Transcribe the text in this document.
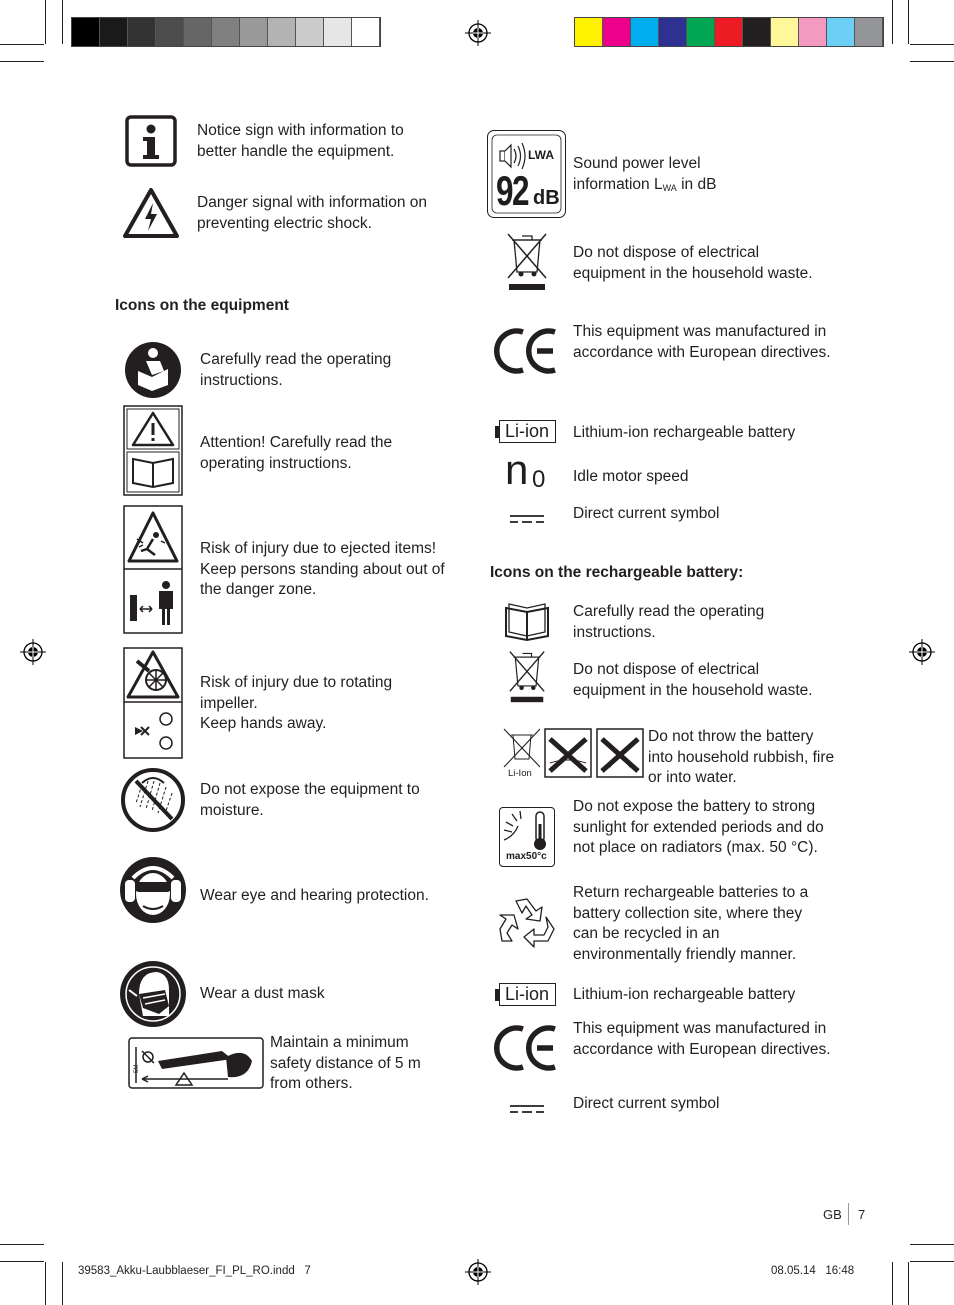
Notice sign with information to better handle the equipment.
Danger signal with information on preventing electric shock.
Icons on the equipment
Carefully read the operating instructions.
Attention! Carefully read the operating instructions.
Risk of injury due to ejected items! Keep persons standing about out of the danger zone.
Risk of injury due to rotating impeller.
Keep hands away.
Do not expose the equipment to moisture.
Wear eye and hearing protection.
Wear a dust mask
5M
Maintain a minimum safety distance of 5 m from others.
LWA
92 dB
Sound power level
information $L_{WA}$ in dB
Do not dispose of electrical equipment in the household waste.
This equipment was manufactured in accordance with European directives.
Li-ion Lithium-ion rechargeable battery
n 0 Idle motor speed
Direct current symbol
Icons on the rechargeable battery:
Carefully read the operating instructions.
Do not dispose of electrical equipment in the household waste.
Li-Ion
Do not throw the battery into household rubbish, fire or into water.
max50°c
Do not expose the battery to strong sunlight for extended periods and do not place on radiators (max. 50 °C).
Return rechargeable batteries to a battery collection site, where they can be recycled in an environmentally friendly manner.
Li-ion Lithium-ion rechargeable battery
This equipment was manufactured in accordance with European directives.
Direct current symbol
GB 7
39583_Akku-Laubblaeser_FI_PL_RO.indd   7	08.05.14   16:48
